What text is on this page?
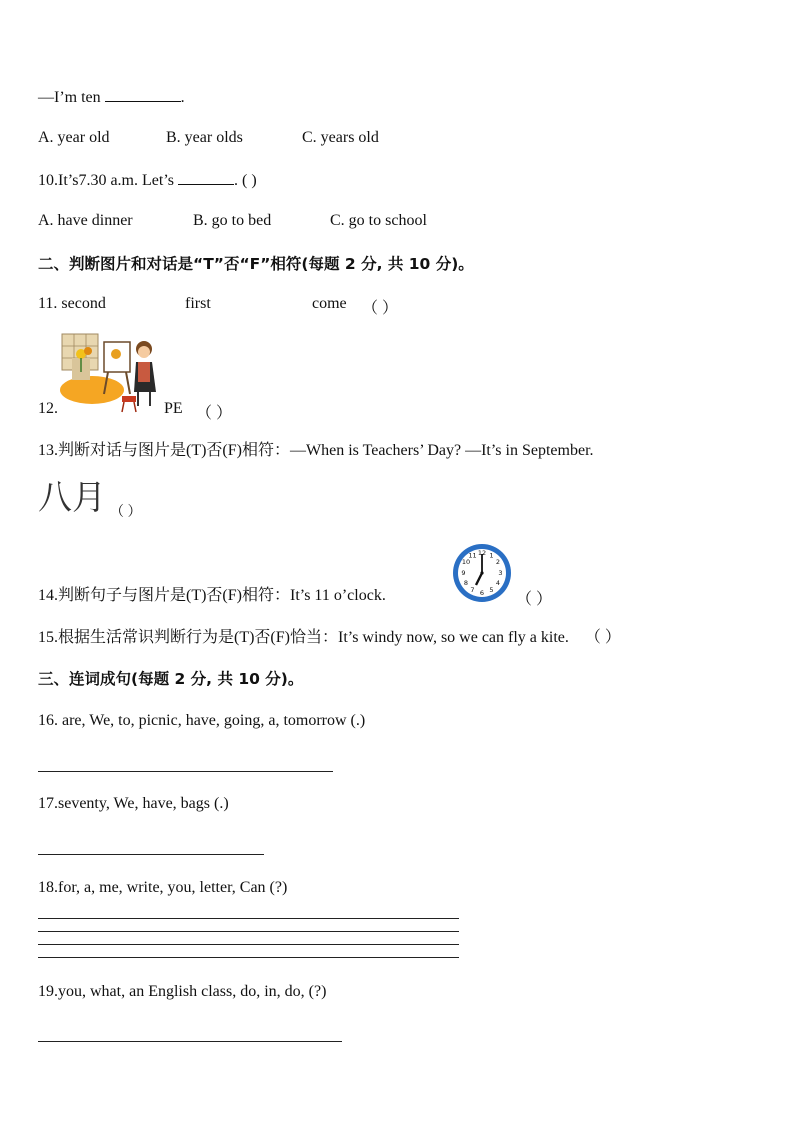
—I’m ten	.
A. year old	B. year olds	C. years old
10.It’s7.30 a.m. Let’s	. ( )
A. have dinner	B. go to bed	C. go to school
二、判断图片和对话是“T”否“F”相符(每题 2 分, 共 10 分)。
11. second	first	come （ ）
12.	PE （ ）
13.判断对话与图片是(T)否(F)相符：—When is Teachers’ Day? —It’s in September.
八月 （ ）
14.判断句子与图片是(T)否(F)相符：It’s 11 o’clock.
12 1
2
3
4
5
6
7
8
9
10
11
（ ）
15.根据生活常识判断行为是(T)否(F)恰当：It’s windy now, so we can fly a kite. （ ）
三、连词成句(每题 2 分, 共 10 分)。
16. are, We, to, picnic, have, going, a, tomorrow (.)
17.seventy, We, have, bags (.)
18.for, a, me, write, you, letter, Can (?)
19.you, what, an English class, do, in, do, (?)
